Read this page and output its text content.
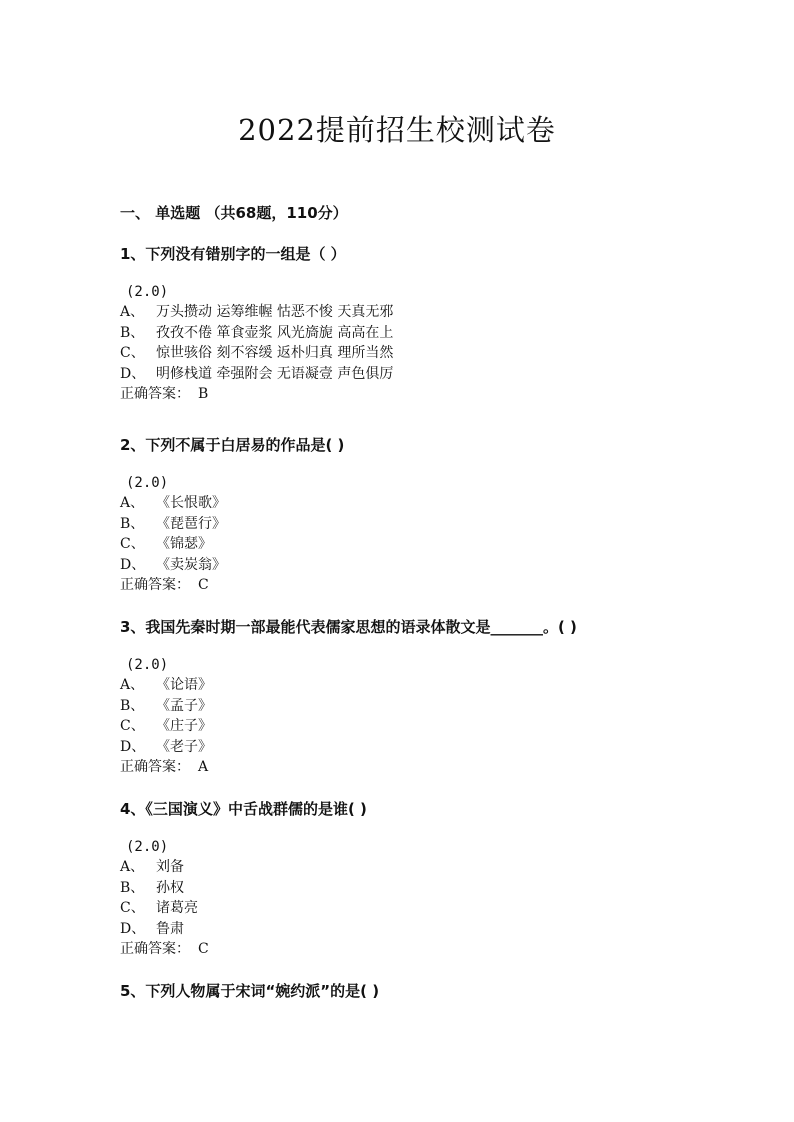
2022提前招生校测试卷
一、 单选题 （共68题，110分）
1、下列没有错别字的一组是（ ）
(2.0)
A、 万头攒动 运筹维幄 怙恶不悛 天真无邪
B、 孜孜不倦 箪食壶浆 风光旖旎 高高在上
C、 惊世骇俗 刻不容缓 返朴归真 理所当然
D、 明修栈道 牵强附会 无语凝壹 声色俱厉
正确答案： B
2、下列不属于白居易的作品是( )
(2.0)
A、 《长恨歌》
B、 《琵琶行》
C、 《锦瑟》
D、 《卖炭翁》
正确答案： C
3、我国先秦时期一部最能代表儒家思想的语录体散文是_______。( )
(2.0)
A、 《论语》
B、 《孟子》
C、 《庄子》
D、 《老子》
正确答案： A
4、《三国演义》中舌战群儒的是谁( )
(2.0)
A、 刘备
B、 孙权
C、 诸葛亮
D、 鲁肃
正确答案： C
5、下列人物属于宋词“婉约派”的是( )
